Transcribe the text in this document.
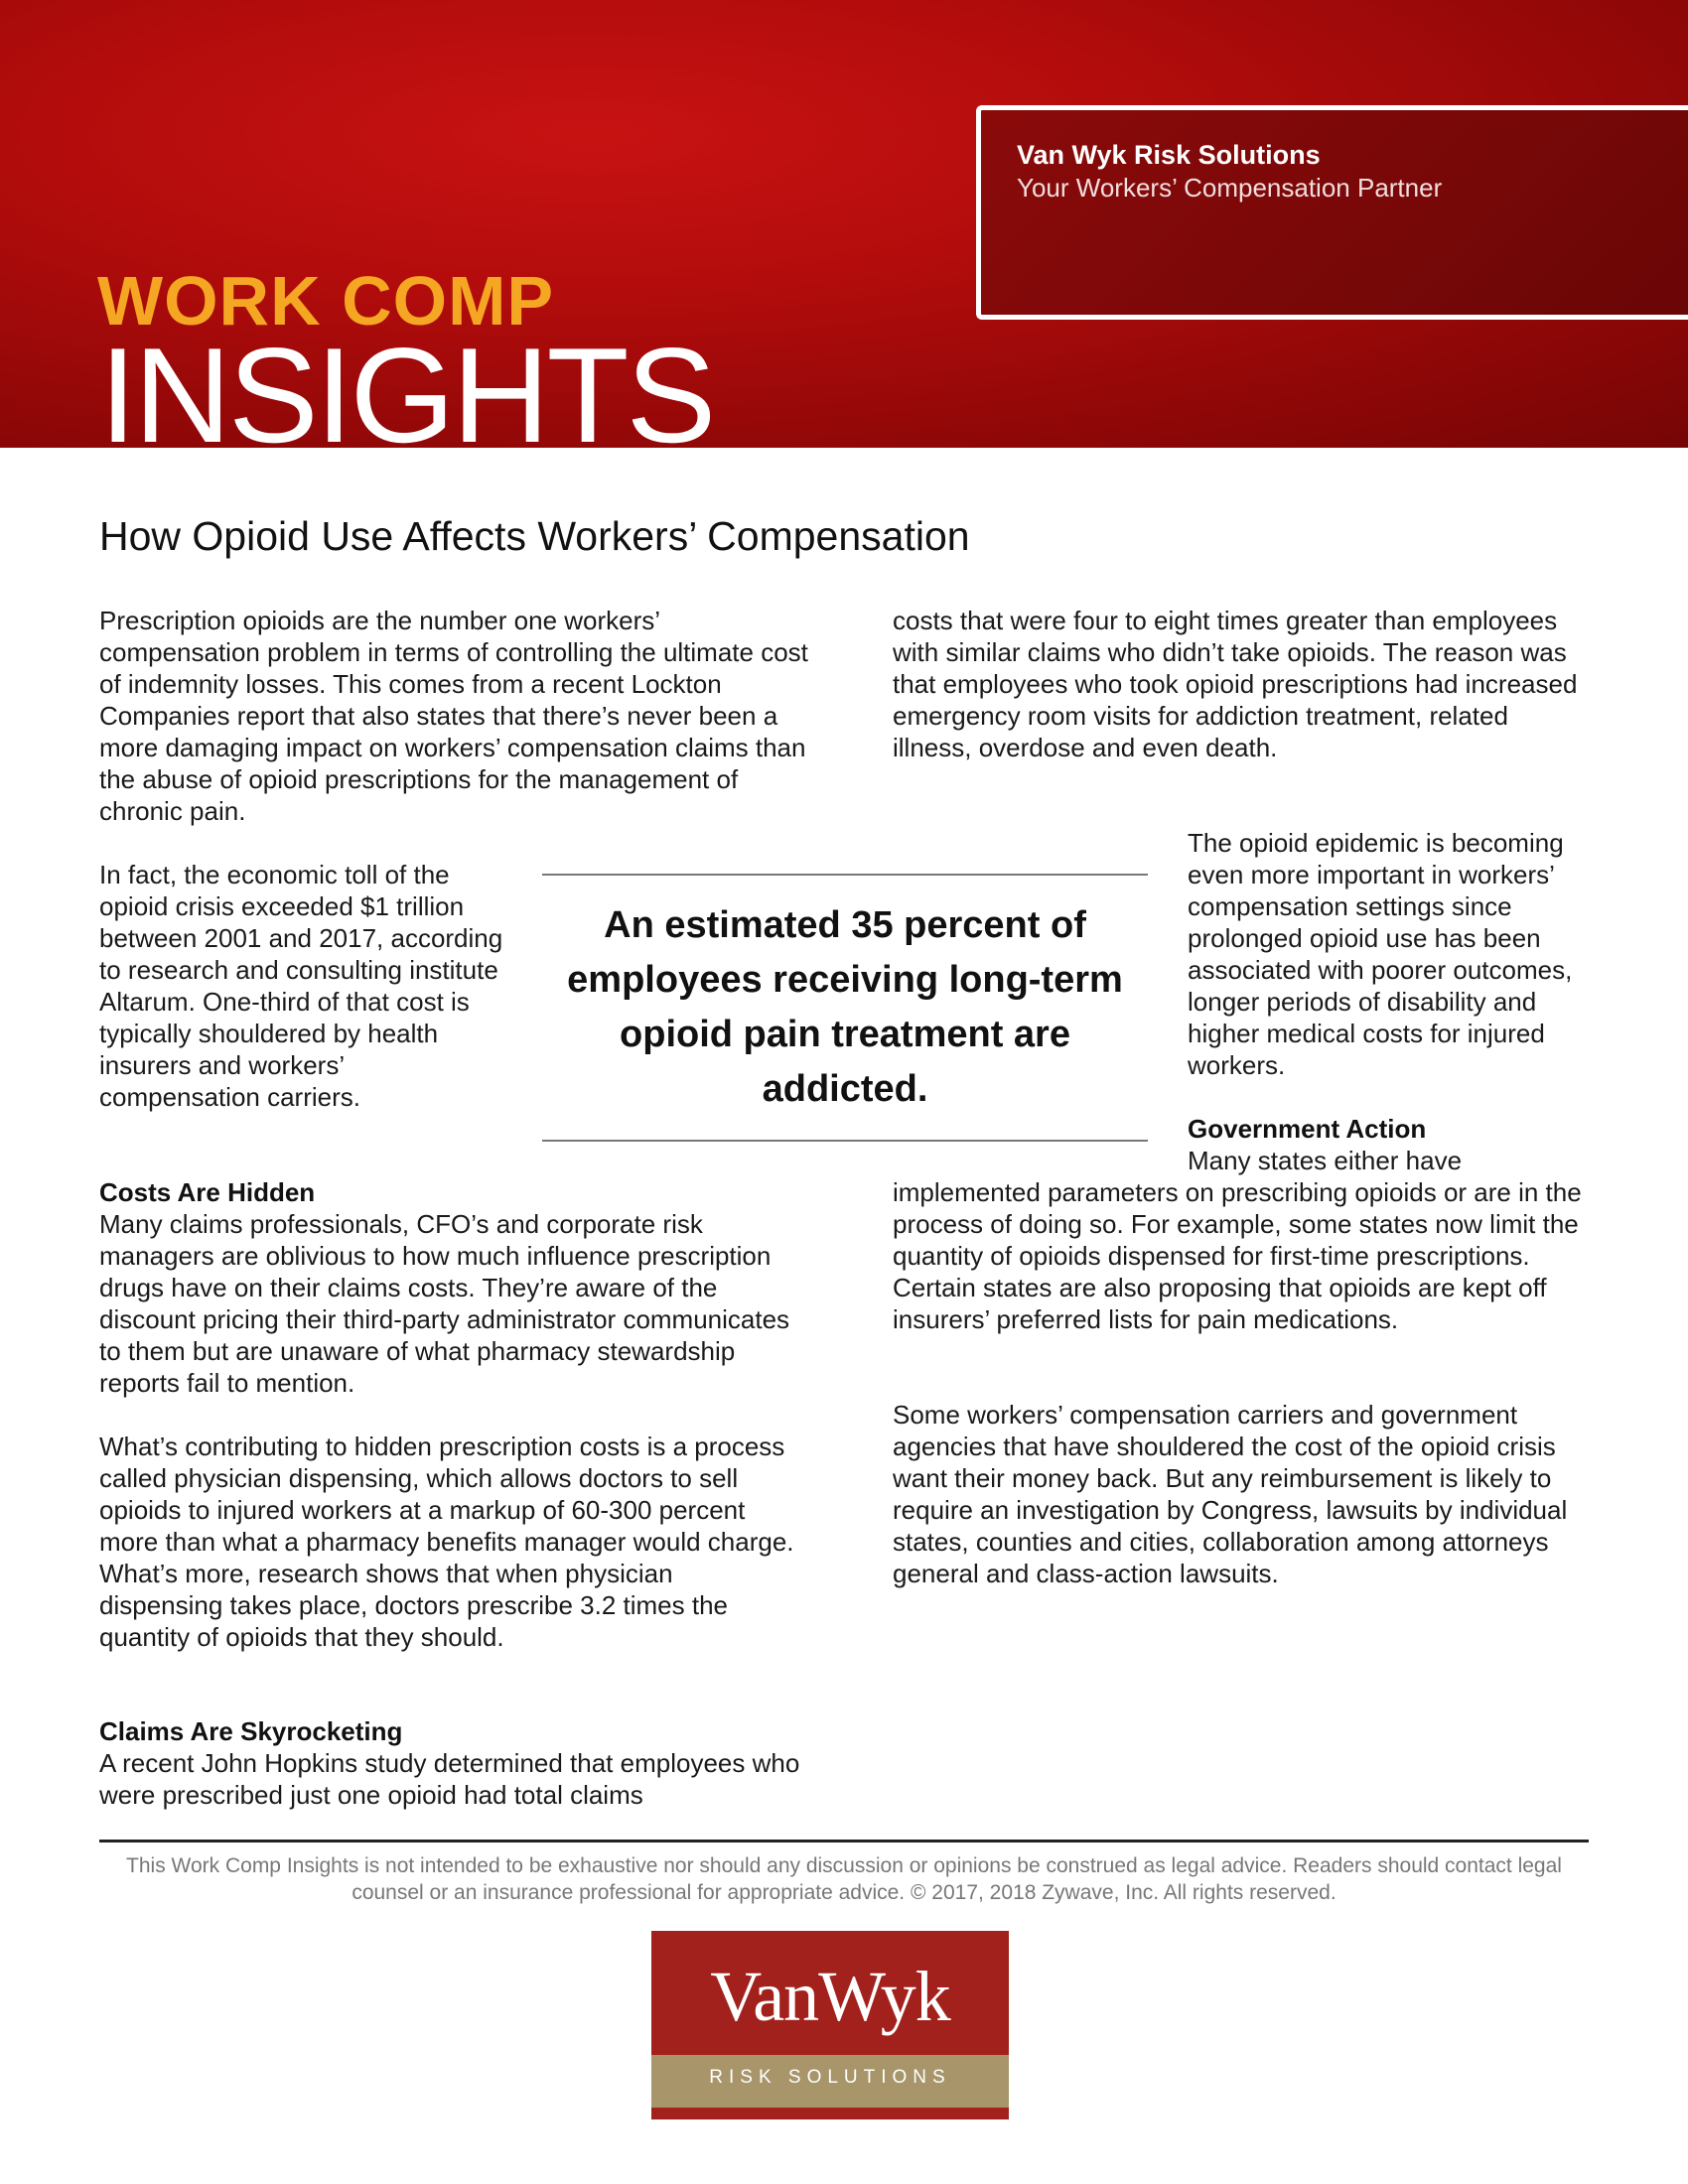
Van Wyk Risk Solutions
Your Workers’ Compensation Partner
WORK COMP
INSIGHTS
How Opioid Use Affects Workers’ Compensation

Prescription opioids are the number one workers’ compensation problem in terms of controlling the ultimate cost of indemnity losses. This comes from a recent Lockton Companies report that also states that there’s never been a more damaging impact on workers’ compensation claims than the abuse of opioid prescriptions for the management of chronic pain.

In fact, the economic toll of the opioid crisis exceeded $1 trillion between 2001 and 2017, according to research and consulting institute Altarum. One-third of that cost is typically shouldered by health insurers and workers’ compensation carriers.

An estimated 35 percent of employees receiving long-term opioid pain treatment are addicted.

Costs Are Hidden

Many claims professionals, CFO’s and corporate risk managers are oblivious to how much influence prescription drugs have on their claims costs. They’re aware of the discount pricing their third-party administrator communicates to them but are unaware of what pharmacy stewardship reports fail to mention.

What’s contributing to hidden prescription costs is a process called physician dispensing, which allows doctors to sell opioids to injured workers at a markup of 60-300 percent more than what a pharmacy benefits manager would charge. What’s more, research shows that when physician dispensing takes place, doctors prescribe 3.2 times the quantity of opioids that they should.

Claims Are Skyrocketing

A recent John Hopkins study determined that employees who were prescribed just one opioid had total claims

costs that were four to eight times greater than employees with similar claims who didn’t take opioids. The reason was that employees who took opioid prescriptions had increased emergency room visits for addiction treatment, related illness, overdose and even death.

The opioid epidemic is becoming even more important in workers’ compensation settings since prolonged opioid use has been associated with poorer outcomes, longer periods of disability and higher medical costs for injured workers.

Government Action

Many states either have

implemented parameters on prescribing opioids or are in the process of doing so. For example, some states now limit the quantity of opioids dispensed for first-time prescriptions. Certain states are also proposing that opioids are kept off insurers’ preferred lists for pain medications.

Some workers’ compensation carriers and government agencies that have shouldered the cost of the opioid crisis want their money back. But any reimbursement is likely to require an investigation by Congress, lawsuits by individual states, counties and cities, collaboration among attorneys general and class-action lawsuits.

This Work Comp Insights is not intended to be exhaustive nor should any discussion or opinions be construed as legal advice. Readers should contact legal counsel or an insurance professional for appropriate advice. © 2017, 2018 Zywave, Inc. All rights reserved.

VanWyk
RISK SOLUTIONS
